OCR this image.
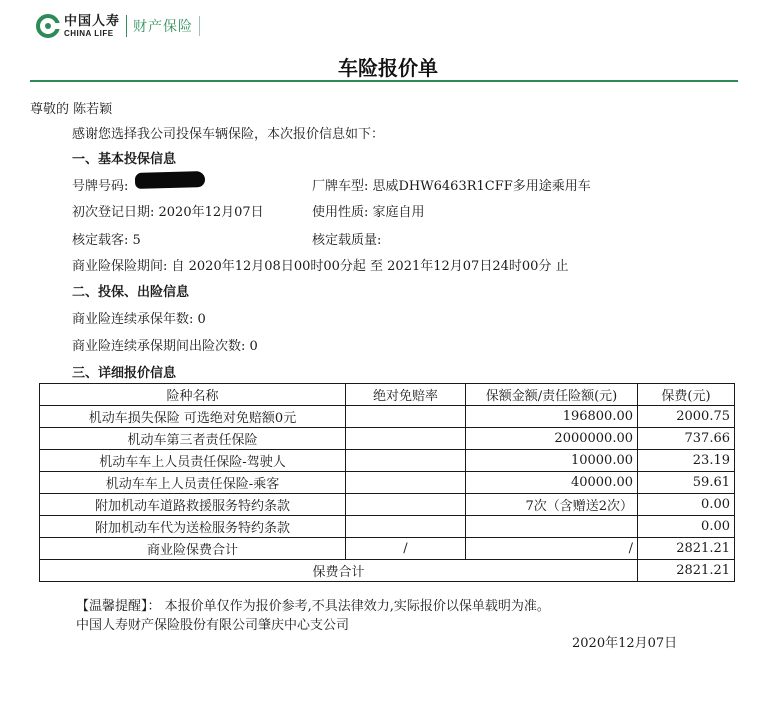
中国人寿
CHINA LIFE	财产保险
车险报价单
尊敬的 陈若颖
感谢您选择我公司投保车辆保险，本次报价信息如下：
一、基本投保信息
号牌号码:	厂牌车型: 思威DHW6463R1CFF多用途乘用车
初次登记日期: 2020年12月07日	使用性质: 家庭自用
核定载客: 5	核定载质量:
商业险保险期间: 自 2020年12月08日00时00分起 至 2021年12月07日24时00分 止
二、投保、出险信息
商业险连续承保年数: 0
商业险连续承保期间出险次数: 0
三、详细报价信息
险种名称	绝对免赔率	保额金额/责任险额(元)	保费(元)
机动车损失保险 可选绝对免赔额0元		196800.00	2000.75
机动车第三者责任保险		2000000.00	737.66
机动车车上人员责任保险-驾驶人		10000.00	23.19
机动车车上人员责任保险-乘客		40000.00	59.61
附加机动车道路救援服务特约条款		7次（含赠送2次）	0.00
附加机动车代为送检服务特约条款			0.00
商业险保费合计	/	/	2821.21
保费合计			2821.21
【温馨提醒】： 本报价单仅作为报价参考,不具法律效力,实际报价以保单载明为准。
中国人寿财产保险股份有限公司肇庆中心支公司
2020年12月07日
